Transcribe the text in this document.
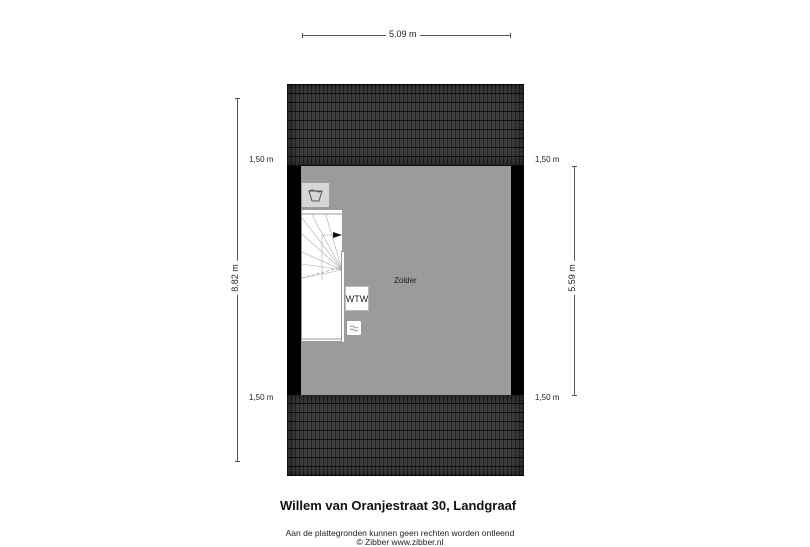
5.09 m
8.82 m	5.59 m
1,50 m
1,50 m
1,50 m
1,50 m
Zolder
WTW
Willem van Oranjestraat 30, Landgraaf
Aan de plattegronden kunnen geen rechten worden ontleend
© Zibber www.zibber.nl
